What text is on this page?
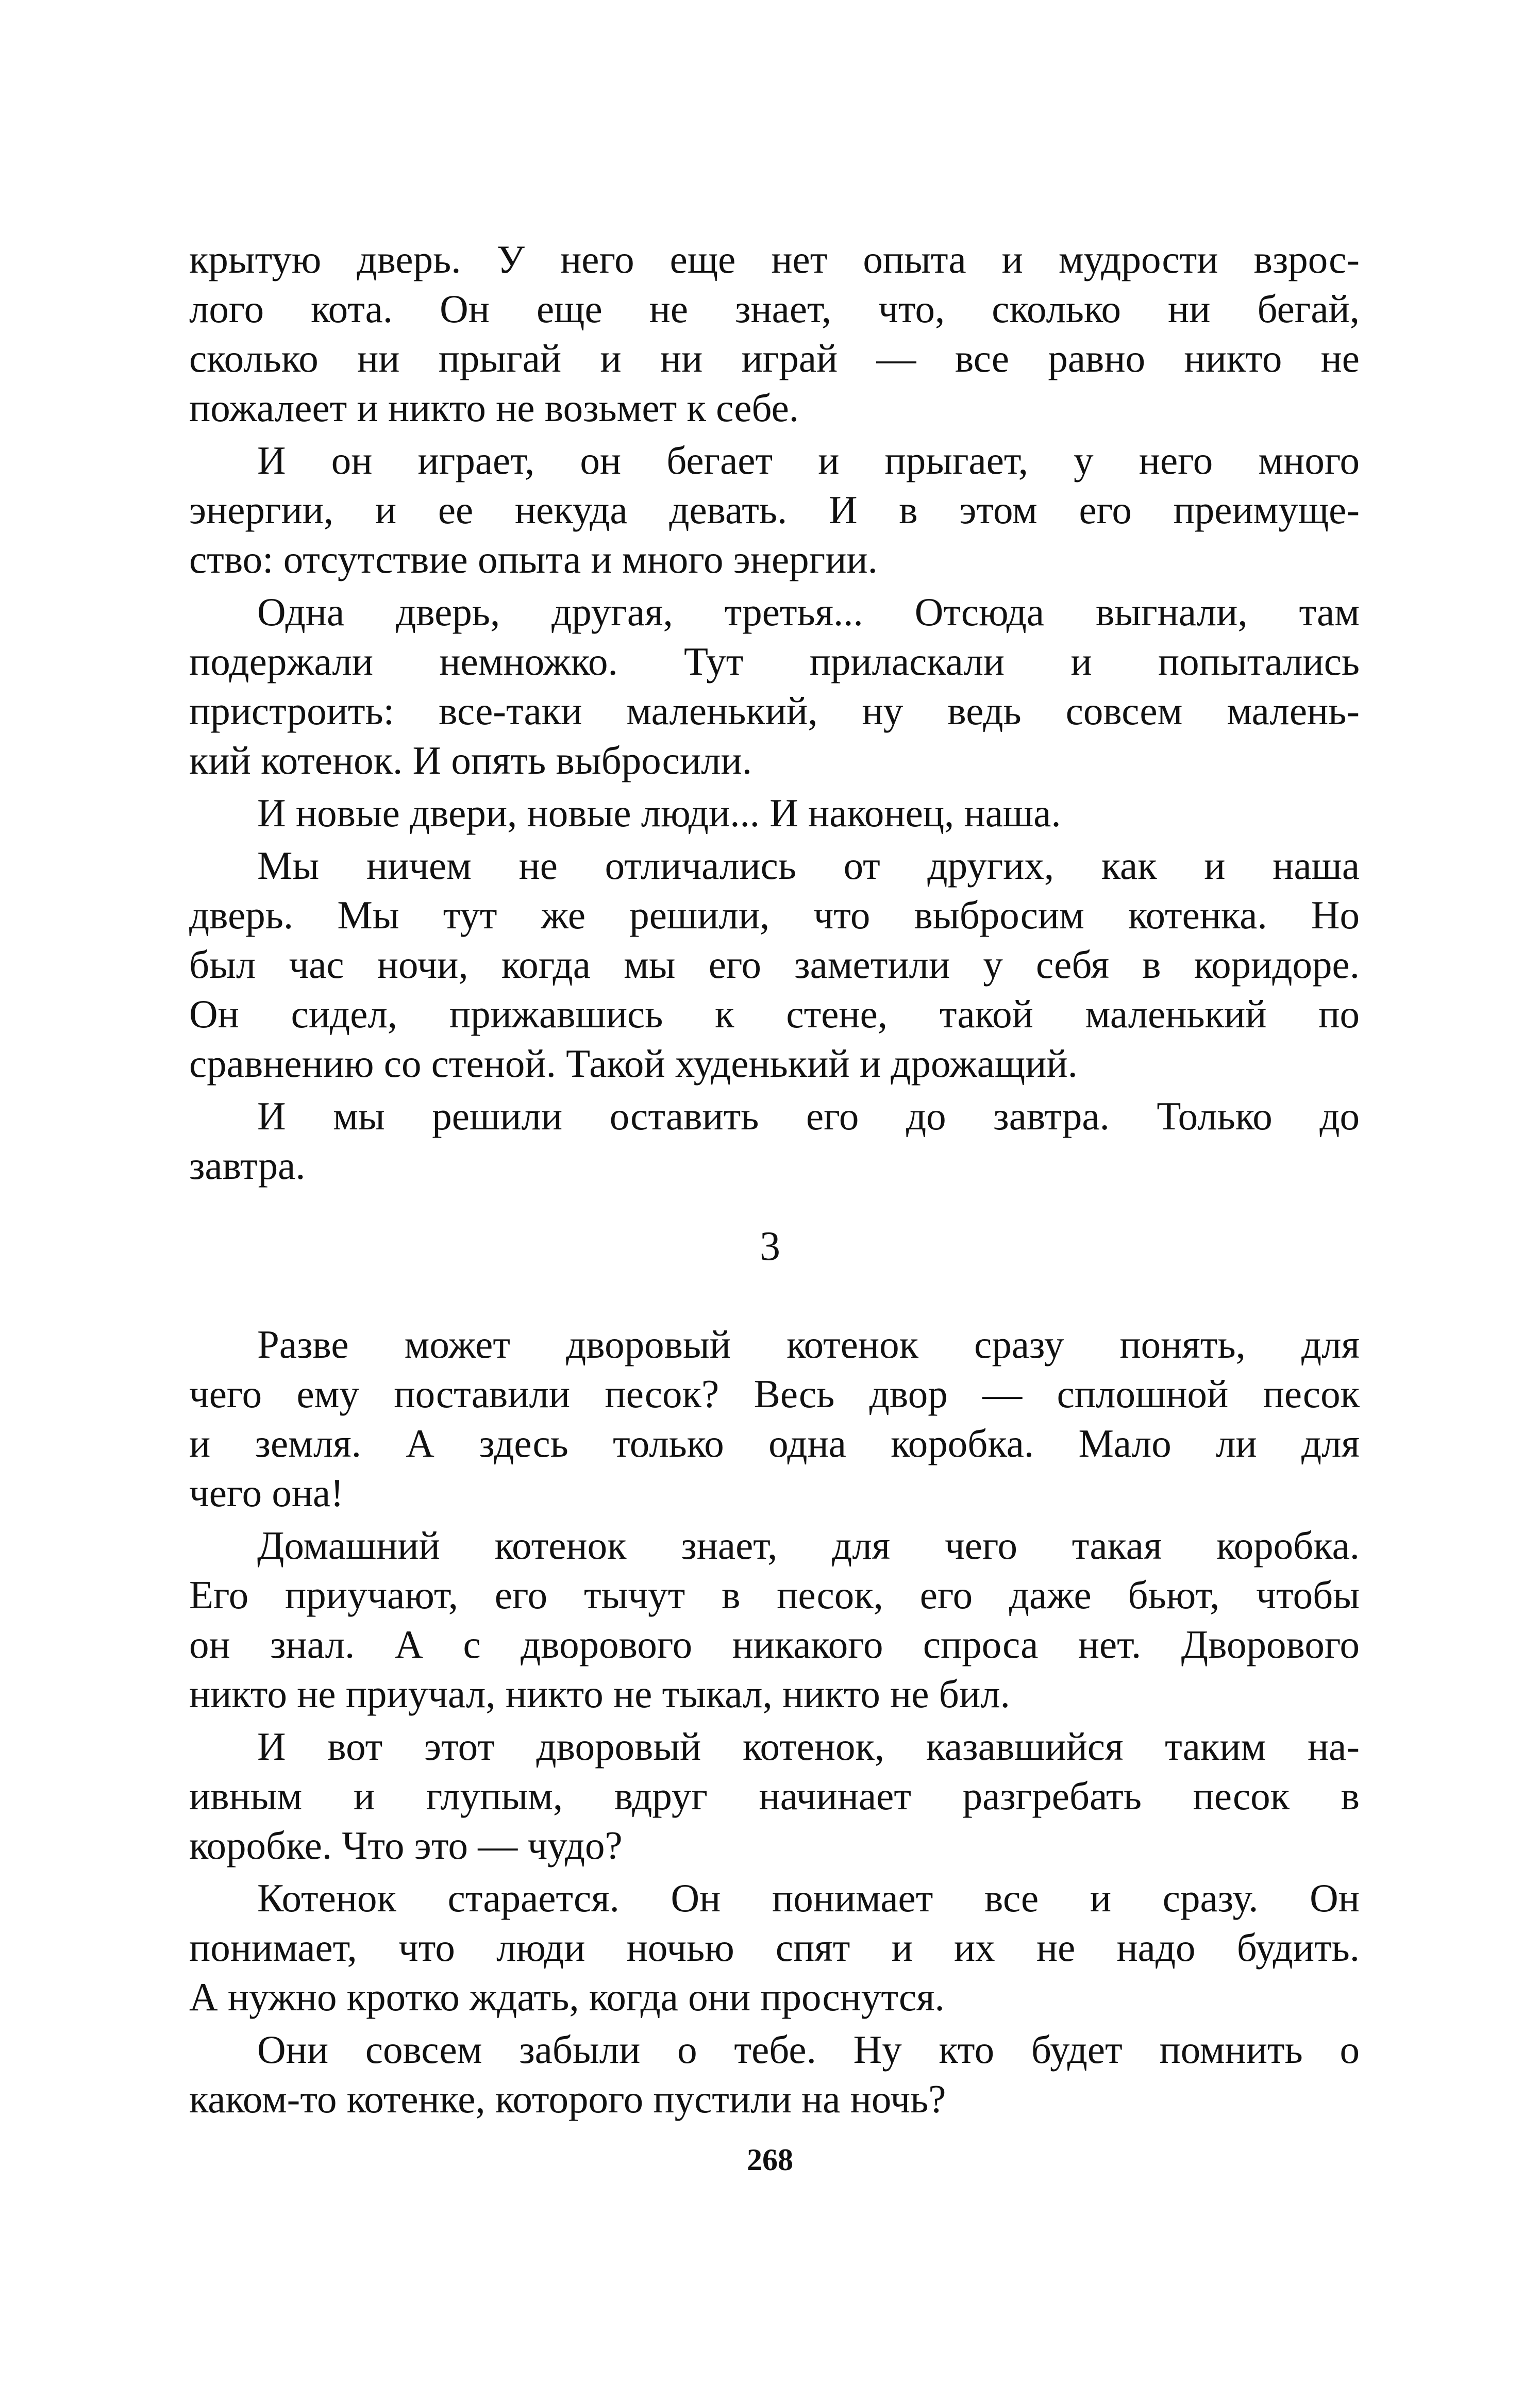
крытую дверь. У него еще нет опыта и мудрости взрос-
лого кота. Он еще не знает, что, сколько ни бегай,
сколько ни прыгай и ни играй — все равно никто не
пожалеет и никто не возьмет к себе.
И он играет, он бегает и прыгает, у него много
энергии, и ее некуда девать. И в этом его преимуще-
ство: отсутствие опыта и много энергии.
Одна дверь, другая, третья... Отсюда выгнали, там
подержали немножко. Тут приласкали и попытались
пристроить: все-таки маленький, ну ведь совсем малень-
кий котенок. И опять выбросили.
И новые двери, новые люди... И наконец, наша.
Мы ничем не отличались от других, как и наша
дверь. Мы тут же решили, что выбросим котенка. Но
был час ночи, когда мы его заметили у себя в коридоре.
Он сидел, прижавшись к стене, такой маленький по
сравнению со стеной. Такой худенький и дрожащий.
И мы решили оставить его до завтра. Только до
завтра.
3
Разве может дворовый котенок сразу понять, для
чего ему поставили песок? Весь двор — сплошной песок
и земля. А здесь только одна коробка. Мало ли для
чего она!
Домашний котенок знает, для чего такая коробка.
Его приучают, его тычут в песок, его даже бьют, чтобы
он знал. А с дворового никакого спроса нет. Дворового
никто не приучал, никто не тыкал, никто не бил.
И вот этот дворовый котенок, казавшийся таким на-
ивным и глупым, вдруг начинает разгребать песок в
коробке. Что это — чудо?
Котенок старается. Он понимает все и сразу. Он
понимает, что люди ночью спят и их не надо будить.
А нужно кротко ждать, когда они проснутся.
Они совсем забыли о тебе. Ну кто будет помнить о
каком-то котенке, которого пустили на ночь?
268
